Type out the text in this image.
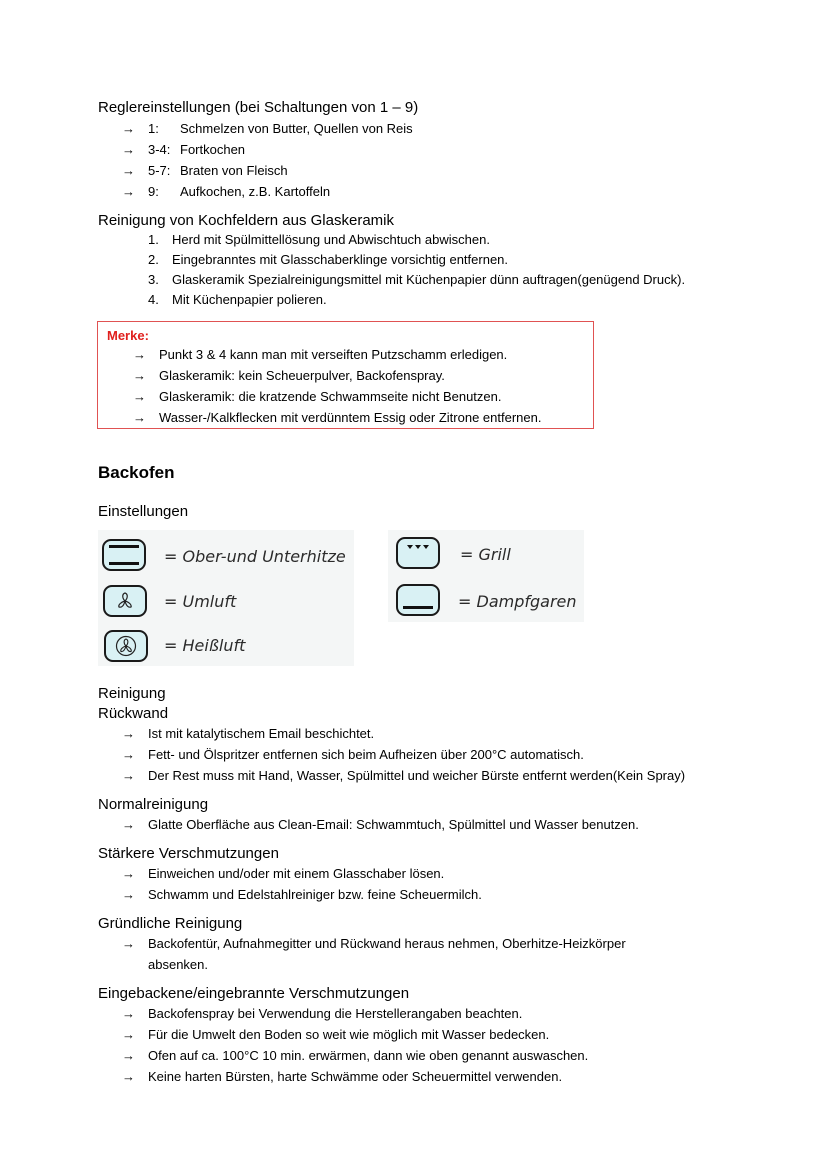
Reglereinstellungen (bei Schaltungen von 1 – 9)
→ 1: Schmelzen von Butter, Quellen von Reis
→ 3-4: Fortkochen
→ 5-7: Braten von Fleisch
→ 9: Aufkochen, z.B. Kartoffeln
Reinigung von Kochfeldern aus Glaskeramik
1. Herd mit Spülmittellösung und Abwischtuch abwischen.
2. Eingebranntes mit Glasschaberklinge vorsichtig entfernen.
3. Glaskeramik Spezialreinigungsmittel mit Küchenpapier dünn auftragen(genügend Druck).
4. Mit Küchenpapier polieren.
Merke:
→ Punkt 3 & 4 kann man mit verseiften Putzschamm erledigen.
→ Glaskeramik: kein Scheuerpulver, Backofenspray.
→ Glaskeramik: die kratzende Schwammseite nicht Benutzen.
→ Wasser-/Kalkflecken mit verdünntem Essig oder Zitrone entfernen.
Backofen
Einstellungen
= Ober-und Unterhitze
= Umluft
= Heißluft
= Grill
= Dampfgaren
Reinigung
Rückwand
→ Ist mit katalytischem Email beschichtet.
→ Fett- und Ölspritzer entfernen sich beim Aufheizen über 200°C automatisch.
→ Der Rest muss mit Hand, Wasser, Spülmittel und weicher Bürste entfernt werden(Kein Spray)
Normalreinigung
→ Glatte Oberfläche aus Clean-Email: Schwammtuch, Spülmittel und Wasser benutzen.
Stärkere Verschmutzungen
→ Einweichen und/oder mit einem Glasschaber lösen.
→ Schwamm und Edelstahlreiniger bzw. feine Scheuermilch.
Gründliche Reinigung
→ Backofentür, Aufnahmegitter und Rückwand heraus nehmen, Oberhitze-Heizkörper
absenken.
Eingebackene/eingebrannte Verschmutzungen
→ Backofenspray bei Verwendung die Herstellerangaben beachten.
→ Für die Umwelt den Boden so weit wie möglich mit Wasser bedecken.
→ Ofen auf ca. 100°C 10 min. erwärmen, dann wie oben genannt auswaschen.
→ Keine harten Bürsten, harte Schwämme oder Scheuermittel verwenden.
